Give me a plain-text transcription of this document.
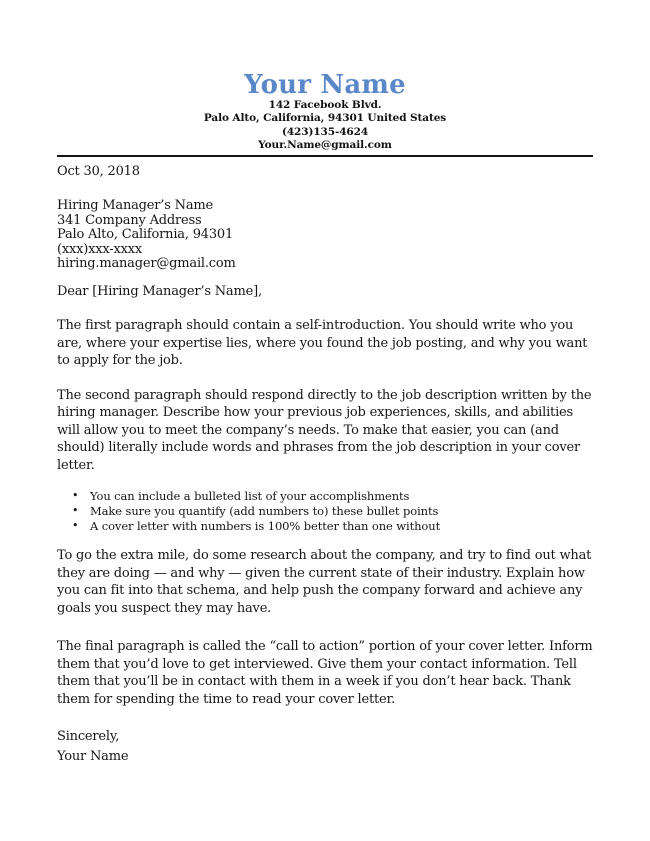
Your Name
142 Facebook Blvd.
Palo Alto, California, 94301 United States
(423)135-4624
Your.Name@gmail.com
Oct 30, 2018
Hiring Manager’s Name
341 Company Address
Palo Alto, California, 94301
(xxx)xxx-xxxx
hiring.manager@gmail.com

Dear [Hiring Manager’s Name],

The first paragraph should contain a self-introduction. You should write who you are, where your expertise lies, where you found the job posting, and why you want to apply for the job.

The second paragraph should respond directly to the job description written by the hiring manager. Describe how your previous job experiences, skills, and abilities will allow you to meet the company’s needs. To make that easier, you can (and should) literally include words and phrases from the job description in your cover letter.

• You can include a bulleted list of your accomplishments
• Make sure you quantify (add numbers to) these bullet points
• A cover letter with numbers is 100% better than one without

To go the extra mile, do some research about the company, and try to find out what they are doing — and why — given the current state of their industry. Explain how you can fit into that schema, and help push the company forward and achieve any goals you suspect they may have.

The final paragraph is called the “call to action” portion of your cover letter. Inform them that you’d love to get interviewed. Give them your contact information. Tell them that you’ll be in contact with them in a week if you don’t hear back. Thank them for spending the time to read your cover letter.

Sincerely,
Your Name
